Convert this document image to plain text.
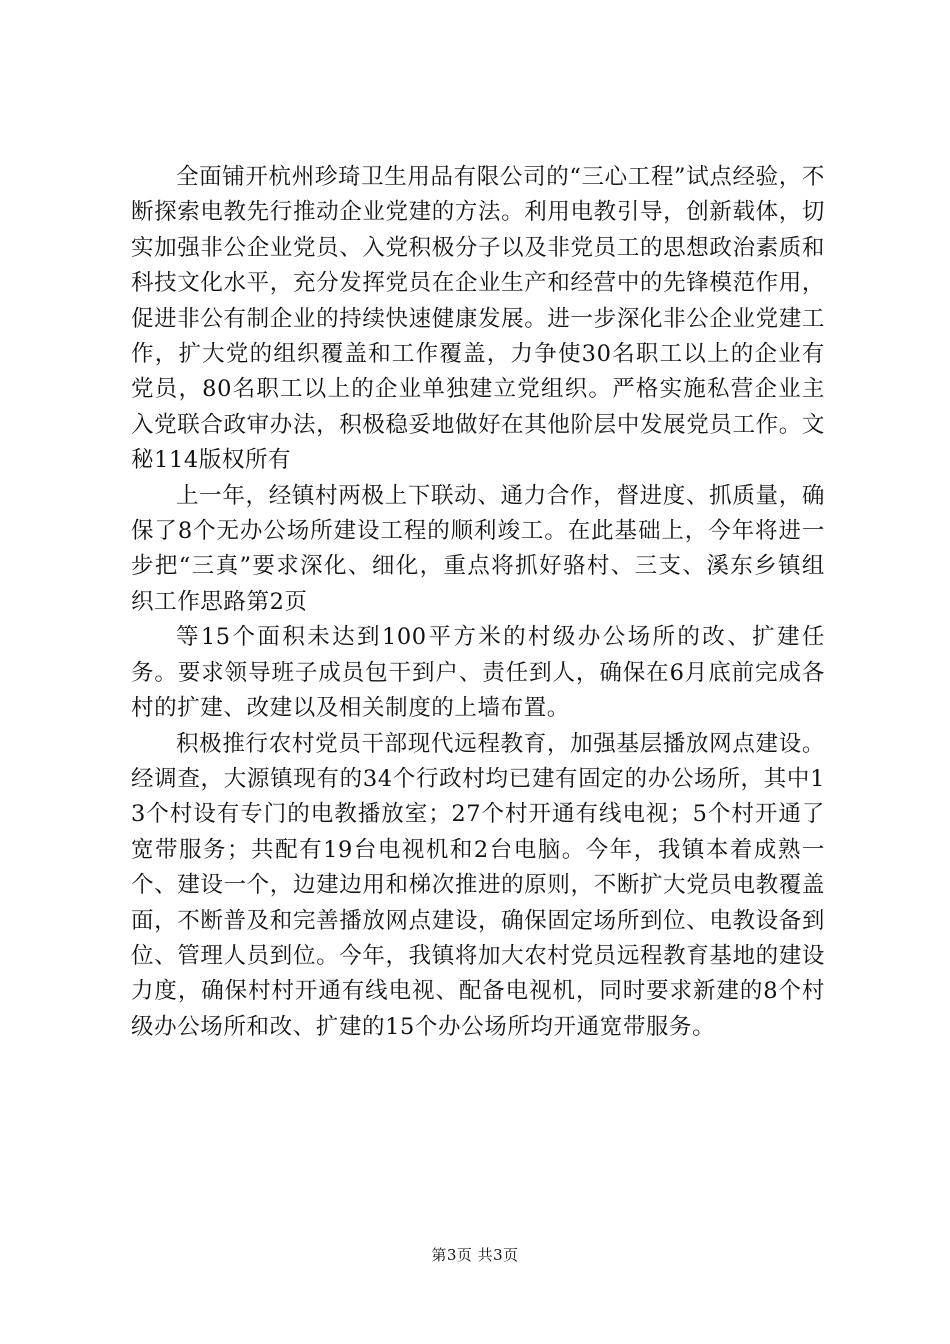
全面铺开杭州珍琦卫生用品有限公司的“三心工程”试点经验，不断探索电教先行推动企业党建的方法。利用电教引导，创新载体，切实加强非公企业党员、入党积极分子以及非党员工的思想政治素质和科技文化水平，充分发挥党员在企业生产和经营中的先锋模范作用，促进非公有制企业的持续快速健康发展。进一步深化非公企业党建工作，扩大党的组织覆盖和工作覆盖，力争使30名职工以上的企业有党员，80名职工以上的企业单独建立党组织。严格实施私营企业主入党联合政审办法，积极稳妥地做好在其他阶层中发展党员工作。文秘114版权所有

上一年，经镇村两极上下联动、通力合作，督进度、抓质量，确保了8个无办公场所建设工程的顺利竣工。在此基础上，今年将进一步把“三真”要求深化、细化，重点将抓好骆村、三支、溪东乡镇组织工作思路第2页

等15个面积未达到100平方米的村级办公场所的改、扩建任务。要求领导班子成员包干到户、责任到人，确保在6月底前完成各村的扩建、改建以及相关制度的上墙布置。

积极推行农村党员干部现代远程教育，加强基层播放网点建设。经调查，大源镇现有的34个行政村均已建有固定的办公场所，其中13个村设有专门的电教播放室；27个村开通有线电视；5个村开通了宽带服务；共配有19台电视机和2台电脑。今年，我镇本着成熟一个、建设一个，边建边用和梯次推进的原则，不断扩大党员电教覆盖面，不断普及和完善播放网点建设，确保固定场所到位、电教设备到位、管理人员到位。今年，我镇将加大农村党员远程教育基地的建设力度，确保村村开通有线电视、配备电视机，同时要求新建的8个村级办公场所和改、扩建的15个办公场所均开通宽带服务。

第3页 共3页
